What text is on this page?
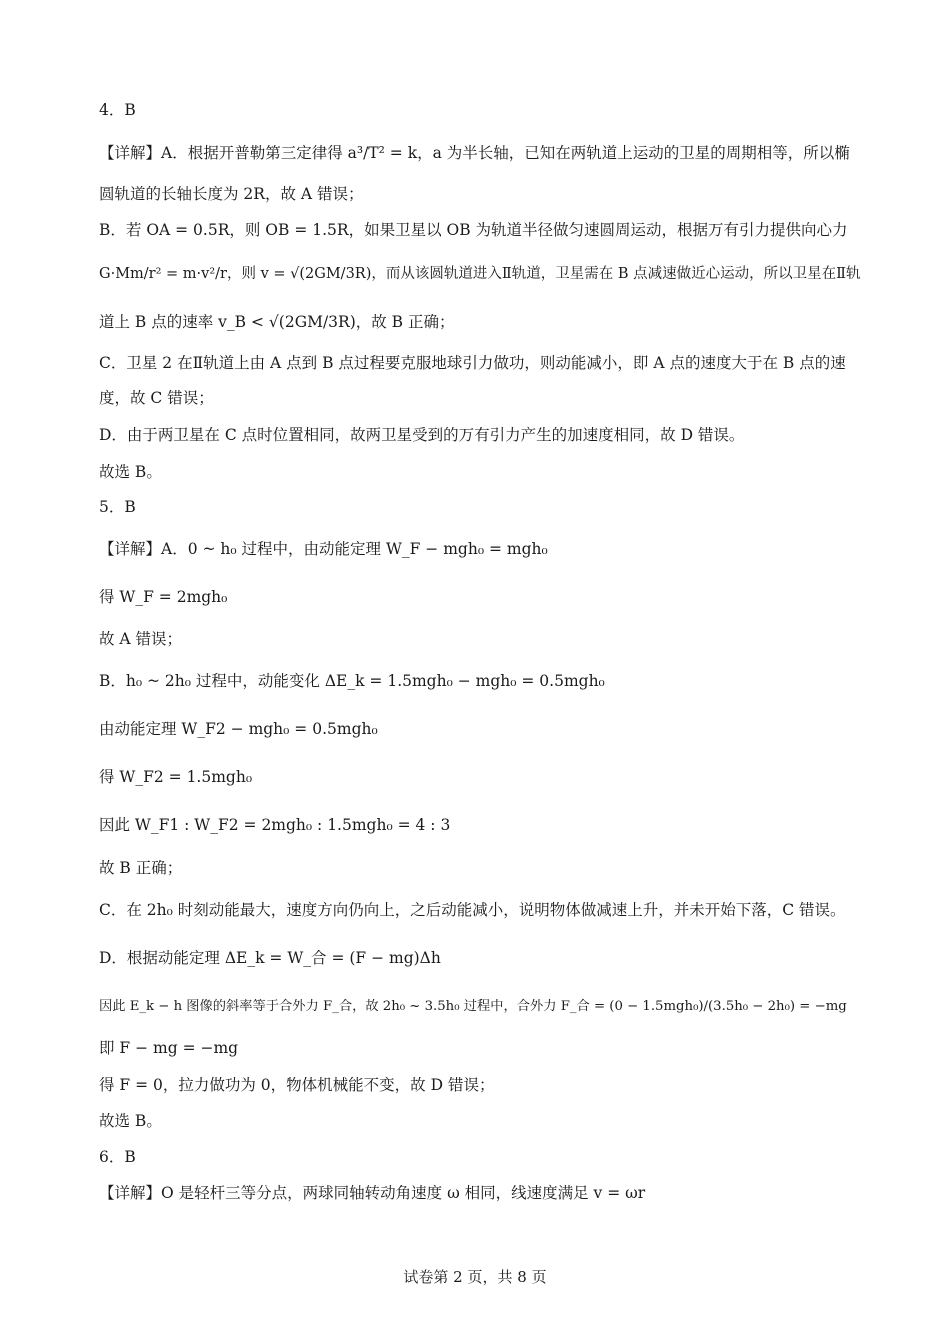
4．B
【详解】A．根据开普勒第三定律得 a³/T² = k，a 为半长轴，已知在两轨道上运动的卫星的周期相等，所以椭
圆轨道的长轴长度为 2R，故 A 错误；
B．若 OA = 0.5R，则 OB = 1.5R，如果卫星以 OB 为轨道半径做匀速圆周运动，根据万有引力提供向心力
G·Mm/r² = m·v²/r，则 v = √(2GM/3R)，而从该圆轨道进入Ⅱ轨道，卫星需在 B 点减速做近心运动，所以卫星在Ⅱ轨
道上 B 点的速率 v_B < √(2GM/3R)，故 B 正确；
C．卫星 2 在Ⅱ轨道上由 A 点到 B 点过程要克服地球引力做功，则动能减小，即 A 点的速度大于在 B 点的速
度，故 C 错误；
D．由于两卫星在 C 点时位置相同，故两卫星受到的万有引力产生的加速度相同，故 D 错误。
故选 B。
5．B
【详解】A．0 ~ h₀ 过程中，由动能定理 W_F − mgh₀ = mgh₀
得 W_F = 2mgh₀
故 A 错误；
B．h₀ ~ 2h₀ 过程中，动能变化 ΔE_k = 1.5mgh₀ − mgh₀ = 0.5mgh₀
由动能定理 W_F2 − mgh₀ = 0.5mgh₀
得 W_F2 = 1.5mgh₀
因此 W_F1 : W_F2 = 2mgh₀ : 1.5mgh₀ = 4 : 3
故 B 正确；
C．在 2h₀ 时刻动能最大，速度方向仍向上，之后动能减小，说明物体做减速上升，并未开始下落，C 错误。
D．根据动能定理 ΔE_k = W_合 = (F − mg)Δh
因此 E_k − h 图像的斜率等于合外力 F_合，故 2h₀ ~ 3.5h₀ 过程中，合外力 F_合 = (0 − 1.5mgh₀)/(3.5h₀ − 2h₀) = −mg
即 F − mg = −mg
得 F = 0，拉力做功为 0，物体机械能不变，故 D 错误；
故选 B。
6．B
【详解】O 是轻杆三等分点，两球同轴转动角速度 ω 相同，线速度满足 v = ωr
试卷第 2 页，共 8 页
